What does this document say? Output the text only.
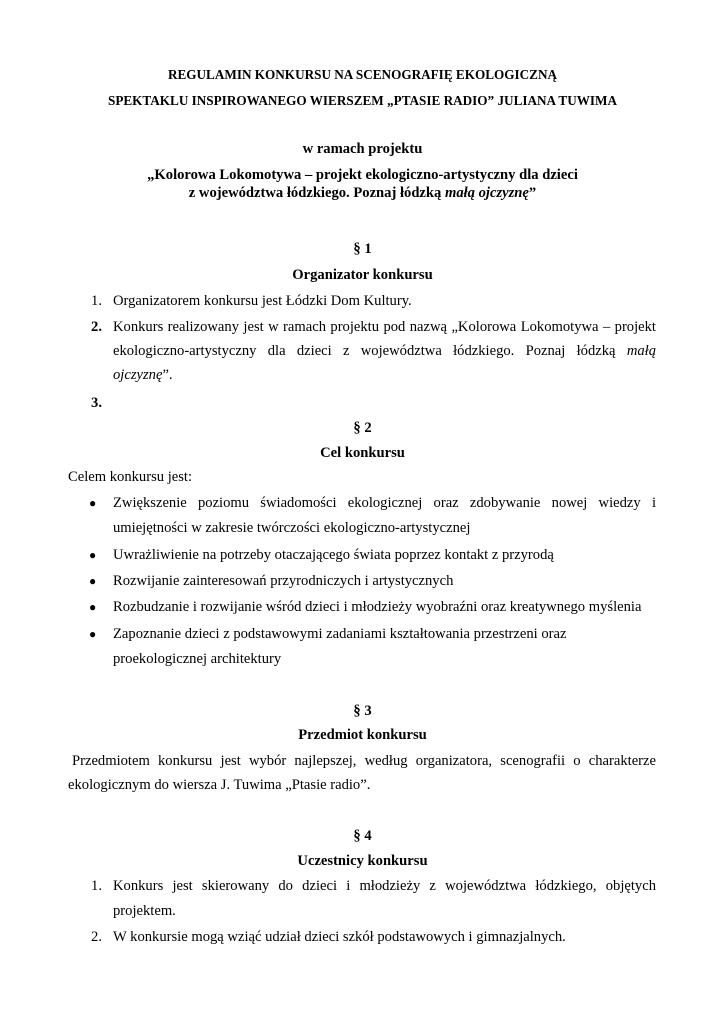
REGULAMIN KONKURSU NA SCENOGRAFIĘ EKOLOGICZNĄ
SPEKTAKLU INSPIROWANEGO WIERSZEM „PTASIE RADIO” JULIANA TUWIMA
w ramach projektu
„Kolorowa Lokomotywa – projekt ekologiczno-artystyczny dla dzieci
z województwa łódzkiego. Poznaj łódzką małą ojczyznę”
§ 1
Organizator konkursu
1. Organizatorem konkursu jest Łódzki Dom Kultury.
2. Konkurs realizowany jest w ramach projektu pod nazwą „Kolorowa Lokomotywa – projekt
ekologiczno-artystyczny dla dzieci z województwa łódzkiego. Poznaj łódzką małą
ojczyznę”.
3.
§ 2
Cel konkursu
Celem konkursu jest:
● Zwiększenie poziomu świadomości ekologicznej oraz zdobywanie nowej wiedzy i
umiejętności w zakresie twórczości ekologiczno-artystycznej
● Uwrażliwienie na potrzeby otaczającego świata poprzez kontakt z przyrodą
● Rozwijanie zainteresowań przyrodniczych i artystycznych
● Rozbudzanie i rozwijanie wśród dzieci i młodzieży wyobraźni oraz kreatywnego myślenia
● Zapoznanie dzieci z podstawowymi zadaniami kształtowania przestrzeni oraz
proekologicznej architektury
§ 3
Przedmiot konkursu
Przedmiotem konkursu jest wybór najlepszej, według organizatora, scenografii o charakterze
ekologicznym do wiersza J. Tuwima „Ptasie radio”.
§ 4
Uczestnicy konkursu
1. Konkurs jest skierowany do dzieci i młodzieży z województwa łódzkiego, objętych
projektem.
2. W konkursie mogą wziąć udział dzieci szkół podstawowych i gimnazjalnych.
